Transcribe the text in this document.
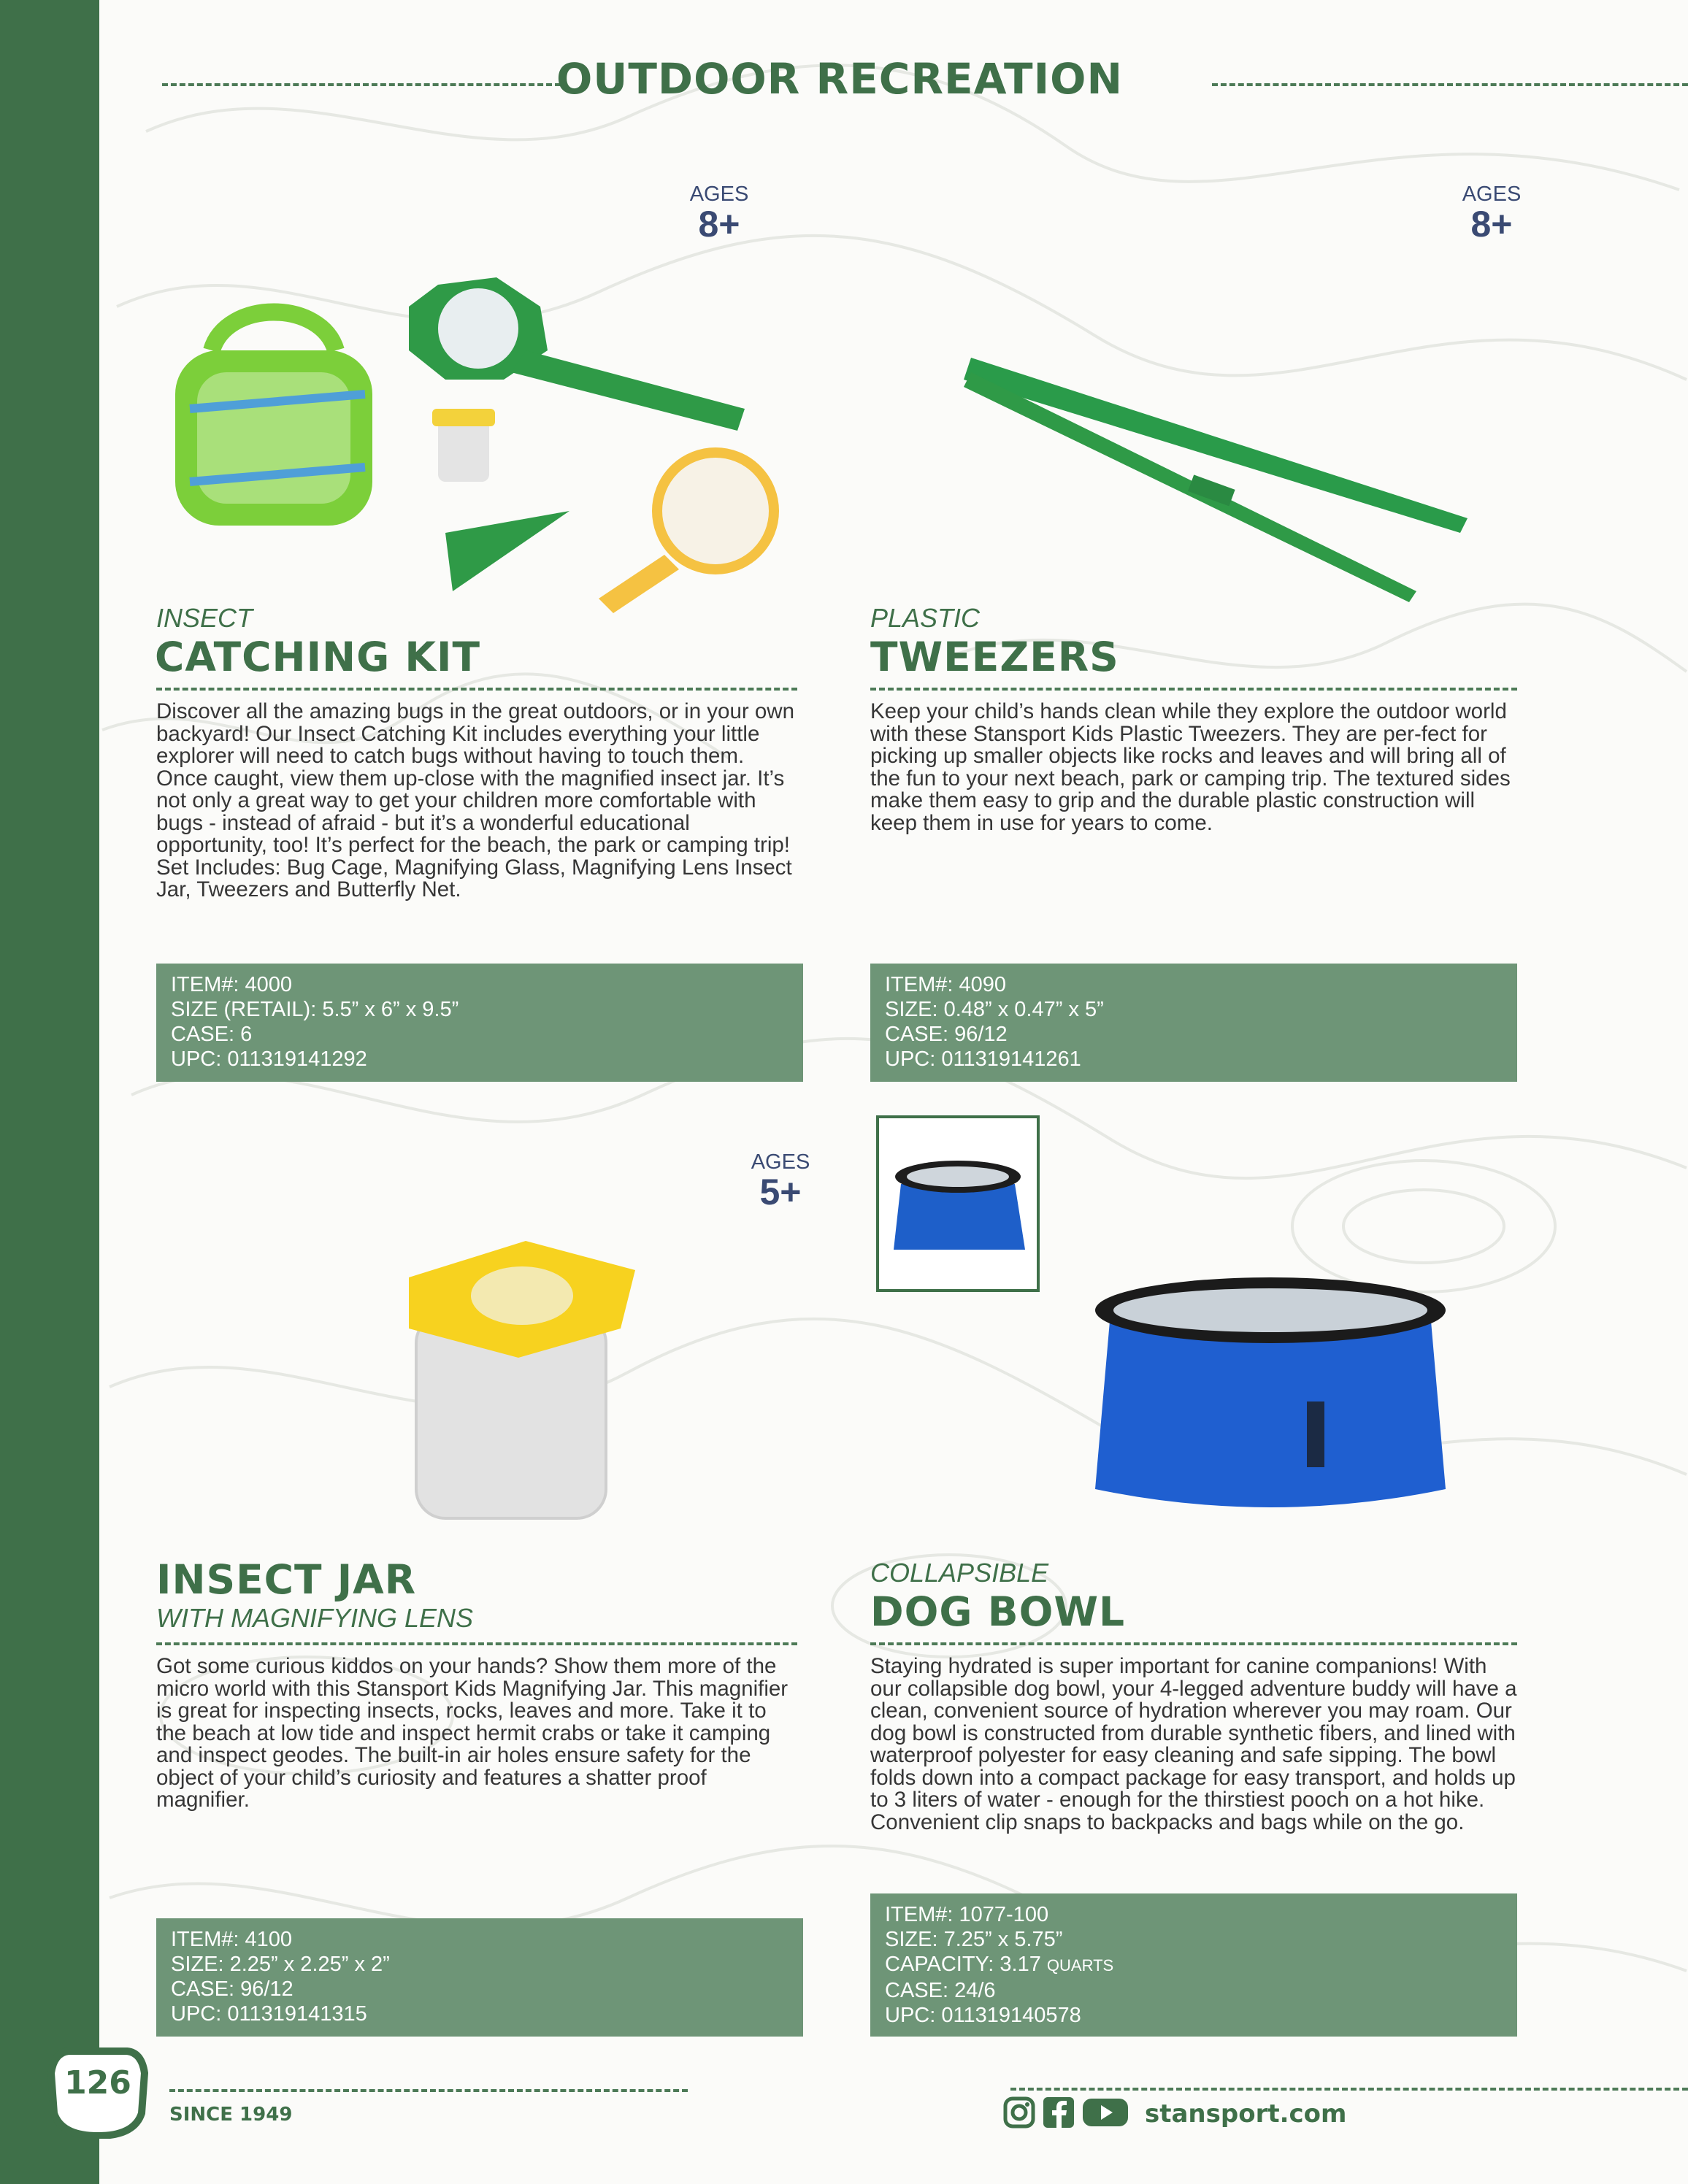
OUTDOOR RECREATION
AGES
8+
INSECT
CATCHING KIT
Discover all the amazing bugs in the great outdoors, or in your own backyard! Our Insect Catching Kit includes everything your little explorer will need to catch bugs without having to touch them. Once caught, view them up-close with the magnified insect jar. It’s not only a great way to get your children more comfortable with bugs - instead of afraid - but it’s a wonderful educational opportunity, too! It’s perfect for the beach, the park or camping trip! Set Includes: Bug Cage, Magnifying Glass, Magnifying Lens Insect Jar, Tweezers and Butterfly Net.
ITEM#: 4000
SIZE (RETAIL): 5.5” x 6” x 9.5”
CASE: 6
UPC: 011319141292
AGES
8+
PLASTIC
TWEEZERS
Keep your child’s hands clean while they explore the outdoor world with these Stansport Kids Plastic Tweezers. They are per-fect for picking up smaller objects like rocks and leaves and will bring all of the fun to your next beach, park or camping trip. The textured sides make them easy to grip and the durable plastic construction will keep them in use for years to come.
ITEM#: 4090
SIZE: 0.48” x 0.47” x 5”
CASE: 96/12
UPC: 011319141261
AGES
5+
INSECT JAR
WITH MAGNIFYING LENS
Got some curious kiddos on your hands? Show them more of the micro world with this Stansport Kids Magnifying Jar. This magnifier is great for inspecting insects, rocks, leaves and more. Take it to the beach at low tide and inspect hermit crabs or take it camping and inspect geodes. The built-in air holes ensure safety for the object of your child’s curiosity and features a shatter proof magnifier.
ITEM#: 4100
SIZE: 2.25” x 2.25” x 2”
CASE: 96/12
UPC: 011319141315
COLLAPSIBLE
DOG BOWL
Staying hydrated is super important for canine companions! With our collapsible dog bowl, your 4-legged adventure buddy will have a clean, convenient source of hydration wherever you may roam. Our dog bowl is constructed from durable synthetic fibers, and lined with waterproof polyester for easy cleaning and safe sipping. The bowl folds down into a compact package for easy transport, and holds up to 3 liters of water - enough for the thirstiest pooch on a hot hike. Convenient clip snaps to backpacks and bags while on the go.
ITEM#: 1077-100
SIZE: 7.25” x 5.75”
CAPACITY: 3.17 QUARTS
CASE: 24/6
UPC: 011319140578
126
SINCE 1949	stansport.com
